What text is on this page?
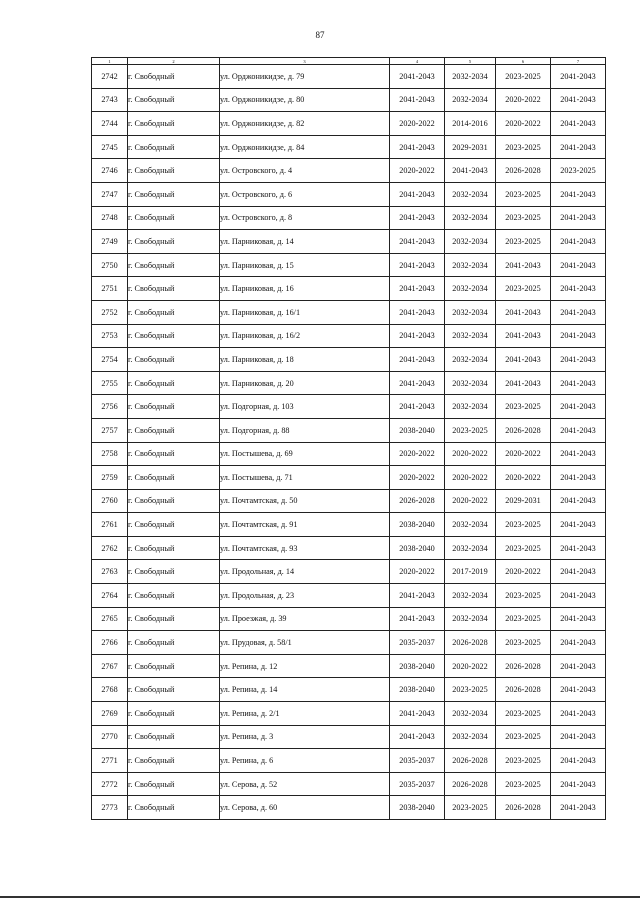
87
1	2	3	4	5	6	7
2742	г. Свободный	ул. Орджоникидзе, д. 79	2041-2043	2032-2034	2023-2025	2041-2043
2743	г. Свободный	ул. Орджоникидзе, д. 80	2041-2043	2032-2034	2020-2022	2041-2043
2744	г. Свободный	ул. Орджоникидзе, д. 82	2020-2022	2014-2016	2020-2022	2041-2043
2745	г. Свободный	ул. Орджоникидзе, д. 84	2041-2043	2029-2031	2023-2025	2041-2043
2746	г. Свободный	ул. Островского, д. 4	2020-2022	2041-2043	2026-2028	2023-2025
2747	г. Свободный	ул. Островского, д. 6	2041-2043	2032-2034	2023-2025	2041-2043
2748	г. Свободный	ул. Островского, д. 8	2041-2043	2032-2034	2023-2025	2041-2043
2749	г. Свободный	ул. Парниковая, д. 14	2041-2043	2032-2034	2023-2025	2041-2043
2750	г. Свободный	ул. Парниковая, д. 15	2041-2043	2032-2034	2041-2043	2041-2043
2751	г. Свободный	ул. Парниковая, д. 16	2041-2043	2032-2034	2023-2025	2041-2043
2752	г. Свободный	ул. Парниковая, д. 16/1	2041-2043	2032-2034	2041-2043	2041-2043
2753	г. Свободный	ул. Парниковая, д. 16/2	2041-2043	2032-2034	2041-2043	2041-2043
2754	г. Свободный	ул. Парниковая, д. 18	2041-2043	2032-2034	2041-2043	2041-2043
2755	г. Свободный	ул. Парниковая, д. 20	2041-2043	2032-2034	2041-2043	2041-2043
2756	г. Свободный	ул. Подгорная, д. 103	2041-2043	2032-2034	2023-2025	2041-2043
2757	г. Свободный	ул. Подгорная, д. 88	2038-2040	2023-2025	2026-2028	2041-2043
2758	г. Свободный	ул. Постышева, д. 69	2020-2022	2020-2022	2020-2022	2041-2043
2759	г. Свободный	ул. Постышева, д. 71	2020-2022	2020-2022	2020-2022	2041-2043
2760	г. Свободный	ул. Почтамтская, д. 50	2026-2028	2020-2022	2029-2031	2041-2043
2761	г. Свободный	ул. Почтамтская, д. 91	2038-2040	2032-2034	2023-2025	2041-2043
2762	г. Свободный	ул. Почтамтская, д. 93	2038-2040	2032-2034	2023-2025	2041-2043
2763	г. Свободный	ул. Продольная, д. 14	2020-2022	2017-2019	2020-2022	2041-2043
2764	г. Свободный	ул. Продольная, д. 23	2041-2043	2032-2034	2023-2025	2041-2043
2765	г. Свободный	ул. Проезжая, д. 39	2041-2043	2032-2034	2023-2025	2041-2043
2766	г. Свободный	ул. Прудовая, д. 58/1	2035-2037	2026-2028	2023-2025	2041-2043
2767	г. Свободный	ул. Репина, д. 12	2038-2040	2020-2022	2026-2028	2041-2043
2768	г. Свободный	ул. Репина, д. 14	2038-2040	2023-2025	2026-2028	2041-2043
2769	г. Свободный	ул. Репина, д. 2/1	2041-2043	2032-2034	2023-2025	2041-2043
2770	г. Свободный	ул. Репина, д. 3	2041-2043	2032-2034	2023-2025	2041-2043
2771	г. Свободный	ул. Репина, д. 6	2035-2037	2026-2028	2023-2025	2041-2043
2772	г. Свободный	ул. Серова, д. 52	2035-2037	2026-2028	2023-2025	2041-2043
2773	г. Свободный	ул. Серова, д. 60	2038-2040	2023-2025	2026-2028	2041-2043
